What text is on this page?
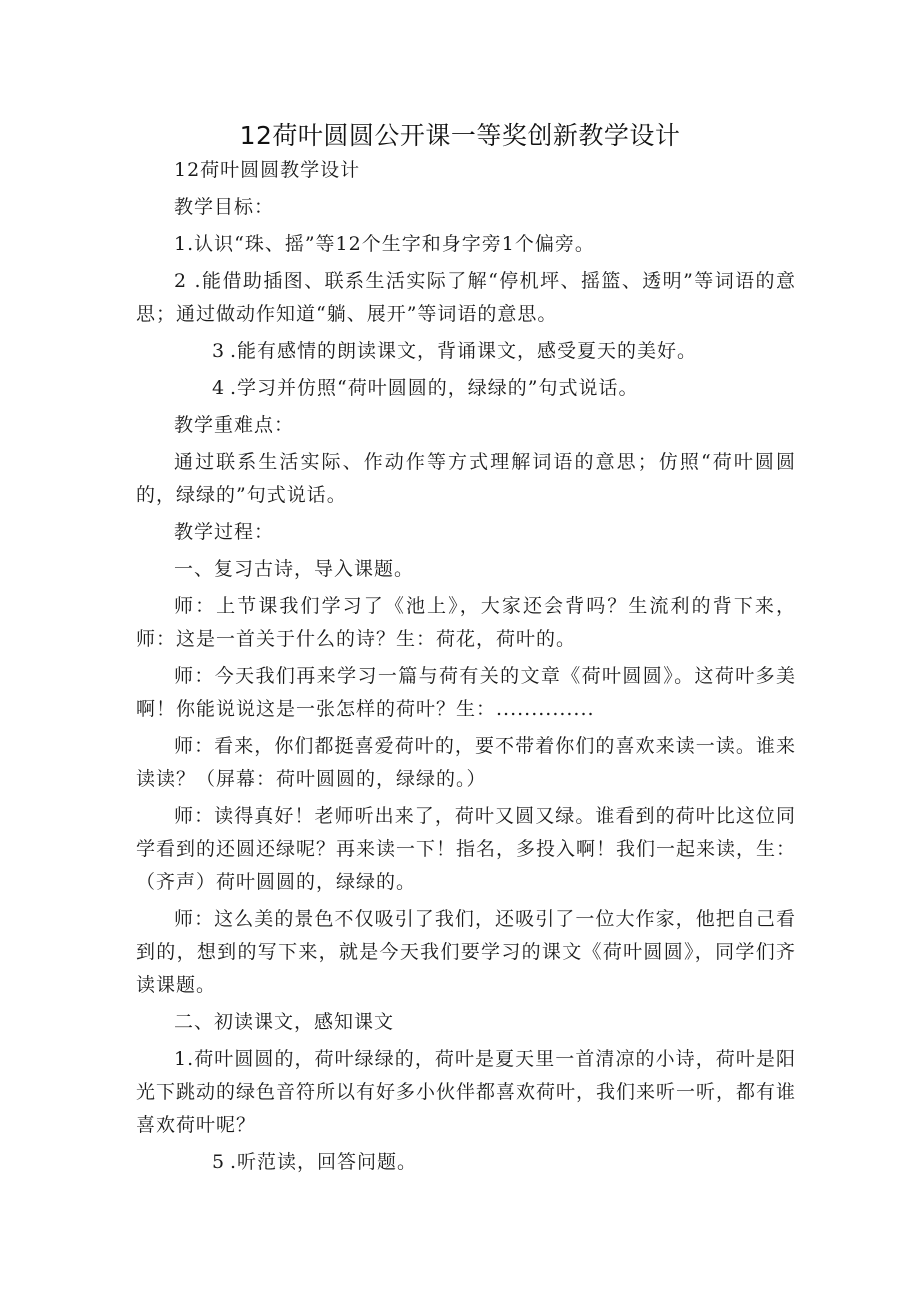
12荷叶圆圆公开课一等奖创新教学设计

12荷叶圆圆教学设计

教学目标：

1.认识“珠、摇”等12个生字和身字旁1个偏旁。

2 .能借助插图、联系生活实际了解“停机坪、摇篮、透明”等词语的意思；通过做动作知道“躺、展开”等词语的意思。

3 .能有感情的朗读课文，背诵课文，感受夏天的美好。

4 .学习并仿照“荷叶圆圆的，绿绿的”句式说话。

教学重难点：

通过联系生活实际、作动作等方式理解词语的意思；仿照“荷叶圆圆的，绿绿的”句式说话。

教学过程：

一、复习古诗，导入课题。

师：上节课我们学习了《池上》，大家还会背吗？生流利的背下来，师：这是一首关于什么的诗？生：荷花，荷叶的。

师：今天我们再来学习一篇与荷有关的文章《荷叶圆圆》。这荷叶多美啊！你能说说这是一张怎样的荷叶？生：..............

师：看来，你们都挺喜爱荷叶的，要不带着你们的喜欢来读一读。谁来读读？（屏幕：荷叶圆圆的，绿绿的。）

师：读得真好！老师听出来了，荷叶又圆又绿。谁看到的荷叶比这位同学看到的还圆还绿呢？再来读一下！指名，多投入啊！我们一起来读，生：（齐声）荷叶圆圆的，绿绿的。

师：这么美的景色不仅吸引了我们，还吸引了一位大作家，他把自己看到的，想到的写下来，就是今天我们要学习的课文《荷叶圆圆》，同学们齐读课题。

二、初读课文，感知课文

1.荷叶圆圆的，荷叶绿绿的，荷叶是夏天里一首清凉的小诗，荷叶是阳光下跳动的绿色音符所以有好多小伙伴都喜欢荷叶，我们来听一听，都有谁喜欢荷叶呢？

5 .听范读，回答问题。
